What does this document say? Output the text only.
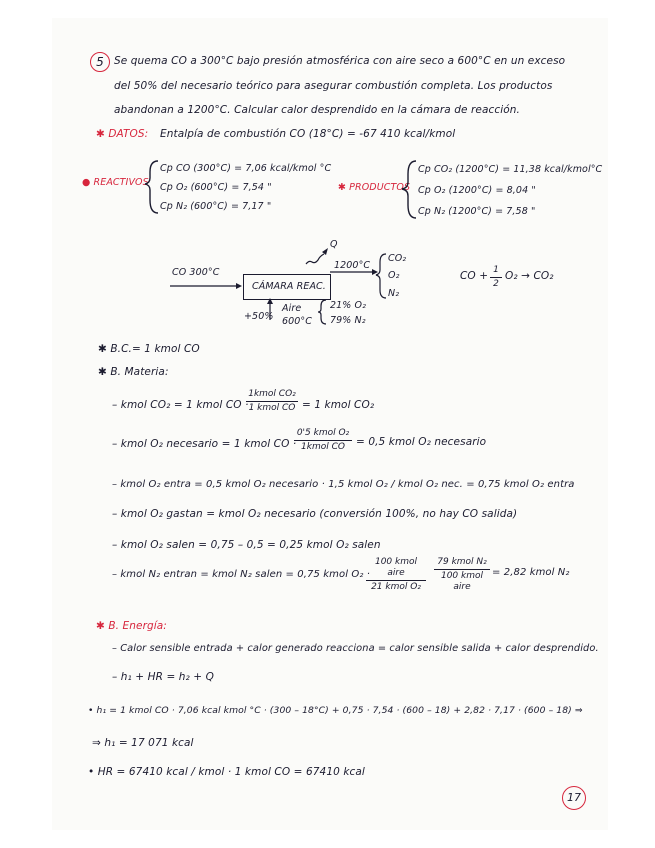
5 Se quema CO a 300°C bajo presión atmosférica con aire seco a 600°C en un exceso
del 50% del necesario teórico para asegurar combustión completa. Los productos
abandonan a 1200°C. Calcular calor desprendido en la cámara de reacción.
✱ DATOS: Entalpía de combustión CO (18°C) = -67 410 kcal/kmol
● REACTIVOS
Cp CO (300°C) = 7,06 kcal/kmol °C
Cp O₂ (600°C) = 7,54 "
Cp N₂ (600°C) = 7,17 "
✱ PRODUCTOS
Cp CO₂ (1200°C) = 11,38 kcal/kmol°C
Cp O₂ (1200°C) = 8,04 "
Cp N₂ (1200°C) = 7,58 "
CO 300°C
CÁMARA REAC.
Q
1200°C
CO₂
O₂
N₂
+50%
Aire
600°C
21% O₂
79% N₂
CO + $\frac{1}{2} O_2 \to CO_2$
✱ B.C.= 1 kmol CO
✱ B. Materia:
– kmol CO₂ = 1 kmol CO ·
1kmol CO₂
1 kmol CO = 1 kmol CO₂
– kmol O₂ necesario = 1 kmol CO ·
0'5 kmol O₂
1kmol CO	= 0,5 kmol O₂ necesario
– kmol O₂ entra = 0,5 kmol O₂ necesario · 1,5 kmol O₂ / kmol O₂ nec. = 0,75 kmol O₂ entra
– kmol O₂ gastan = kmol O₂ necesario (conversión 100%, no hay CO salida)
– kmol O₂ salen = 0,75 – 0,5 = 0,25 kmol O₂ salen
– kmol N₂ entran = kmol N₂ salen = 0,75 kmol O₂ ·
100 kmol aire
21 kmol O₂
79 kmol N₂
100 kmol aire
= 2,82 kmol N₂
✱ B. Energía:
– Calor sensible entrada + calor generado reacciona = calor sensible salida + calor desprendido.
– h₁ + HR = h₂ + Q
• h₁ = 1 kmol CO · 7,06 kcal kmol °C · (300 – 18°C) + 0,75 · 7,54 · (600 – 18) + 2,82 · 7,17 · (600 – 18) ⇒
⇒ h₁ = 17 071 kcal
• HR = 67410 kcal / kmol · 1 kmol CO = 67410 kcal
17
